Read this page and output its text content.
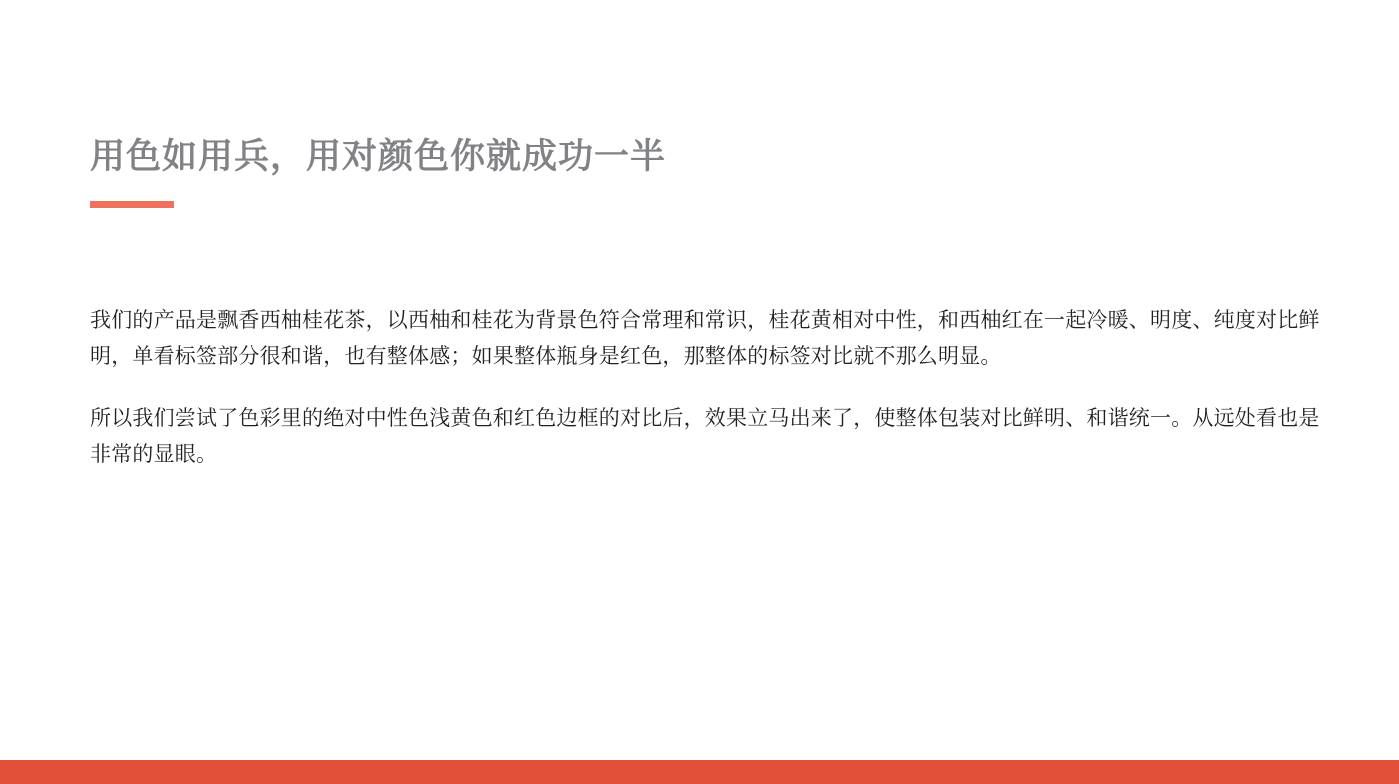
用色如用兵，用对颜色你就成功一半

我们的产品是飘香西柚桂花茶，以西柚和桂花为背景色符合常理和常识，桂花黄相对中性，和西柚红在一起冷暖、明度、纯度对比鲜明，单看标签部分很和谐，也有整体感；如果整体瓶身是红色，那整体的标签对比就不那么明显。

所以我们尝试了色彩里的绝对中性色浅黄色和红色边框的对比后，效果立马出来了，使整体包装对比鲜明、和谐统一。从远处看也是非常的显眼。
